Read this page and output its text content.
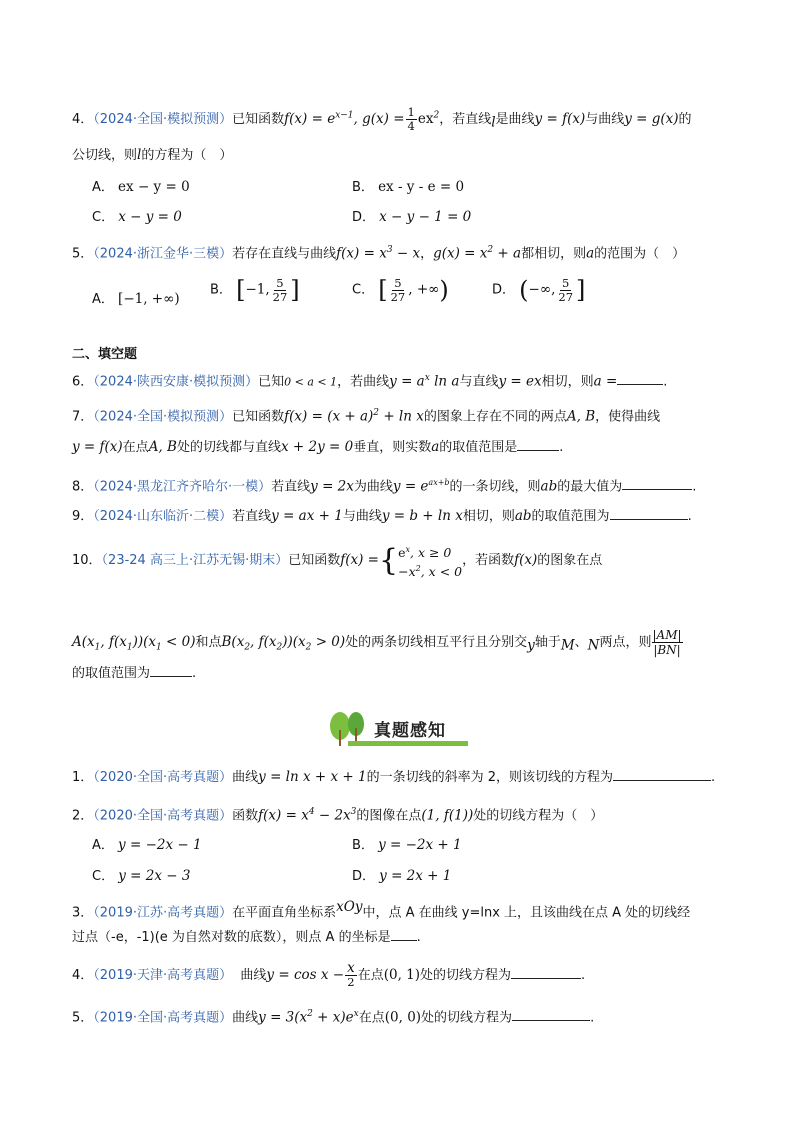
4．（2024·全国·模拟预测）已知函数$f(x) = e^{x-1}$, $g(x) = \frac{1}{4} ex^2$，若直线$_l$是曲线y = f(x)与曲线y = g(x)的
公切线，则l的方程为（　）
A． ex − y = 0	B． ex - y - e = 0
C． x − y = 0	D． x − y − 1 = 0
5．（2024·浙江金华·三模）若存在直线与曲线$f(x) = x^3 - x$，$g(x) = x^2 + a$都相切，则a的范围为（　）
A． [−1, +∞)
B． [−1, $\frac{5}{27}$ ]	C． [ $\frac{5}{27}$ , +∞)	D． (−∞, $\frac{5}{27}$ ]
二、填空题
6．（2024·陕西安康·模拟预测）已知0 < a < 1，若曲线$y = a^x$ ln a与直线y = ex相切，则a =	.
7．（2024·全国·模拟预测）已知函数$f(x) = (x + a)^2 + \ln x$的图象上存在不同的两点A, B，使得曲线
y = f(x)在点A, B处的切线都与直线x + 2y = 0垂直，则实数a的取值范围是	.
8．（2024·黑龙江齐齐哈尔·一模）若直线y = 2x为曲线$y = e^{ax+b}$的一条切线，则ab的最大值为	.
9．（2024·山东临沂·二模）若直线y = ax + 1与曲线y = b + ln x相切，则ab的取值范围为	.
10．（23-24 高三上·江苏无锡·期末）已知函数f(x) = { $e^x$, x ≥ 0
$-x^2$, x < 0
，若函数f(x)的图象在点
$A(x_1$, $f(x_1))(x_1 < 0)$和点$B(x_2$, $f(x_2))(x_2 > 0)$处的两条切线相互平行且分别交$_y$轴于$_M$、$_N$两点，则 $\frac{|AM|}{|BN|}$
的取值范围为	.
真题感知
1．（2020·全国·高考真题）曲线y = ln x + x + 1的一条切线的斜率为 2，则该切线的方程为	.
2．（2020·全国·高考真题）函数$f(x) = x^4 - 2x^3$的图像在点(1, f(1))处的切线方程为（　）
A． y = −2x − 1	B． y = −2x + 1
C． y = 2x − 3	D． y = 2x + 1
3．（2019·江苏·高考真题）在平面直角坐标系$^{xOy}$中，点 A 在曲线 y=lnx 上，且该曲线在点 A 处的切线经
过点（-e，-1)(e 为自然对数的底数），则点 A 的坐标是 .
4．（2019·天津·高考真题） 曲线$y = \cos x - \frac{x}{2}$ 在点(0, 1)处的切线方程为	.
5．（2019·全国·高考真题）曲线$y = 3(x^2 + x)e^x$在点(0, 0)处的切线方程为	.
